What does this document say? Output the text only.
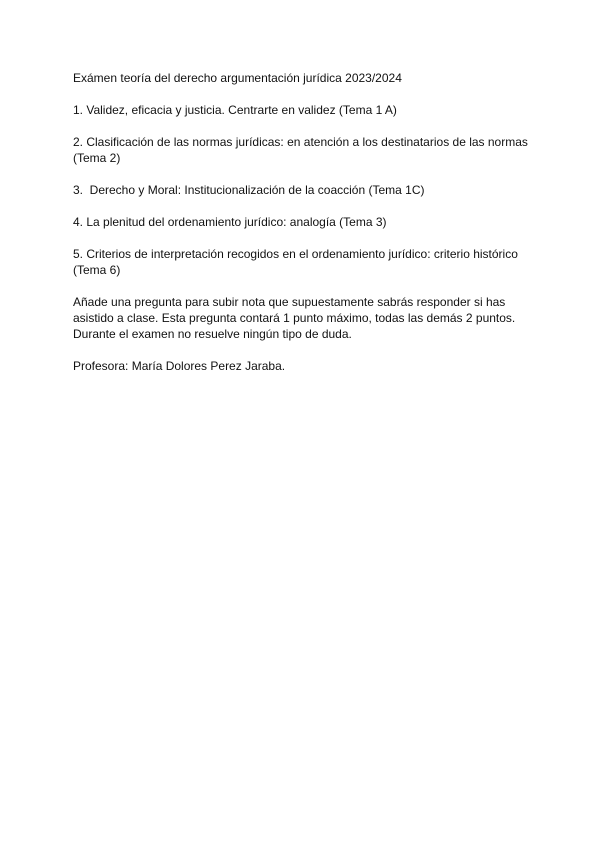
Exámen teoría del derecho argumentación jurídica 2023/2024

1. Validez, eficacia y justicia. Centrarte en validez (Tema 1 A)

2. Clasificación de las normas jurídicas: en atención a los destinatarios de las normas (Tema 2)

3.  Derecho y Moral: Institucionalización de la coacción (Tema 1C)

4. La plenitud del ordenamiento jurídico: analogía (Tema 3)

5. Criterios de interpretación recogidos en el ordenamiento jurídico: criterio histórico (Tema 6)

Añade una pregunta para subir nota que supuestamente sabrás responder si has asistido a clase. Esta pregunta contará 1 punto máximo, todas las demás 2 puntos. Durante el examen no resuelve ningún tipo de duda.

Profesora: María Dolores Perez Jaraba.
